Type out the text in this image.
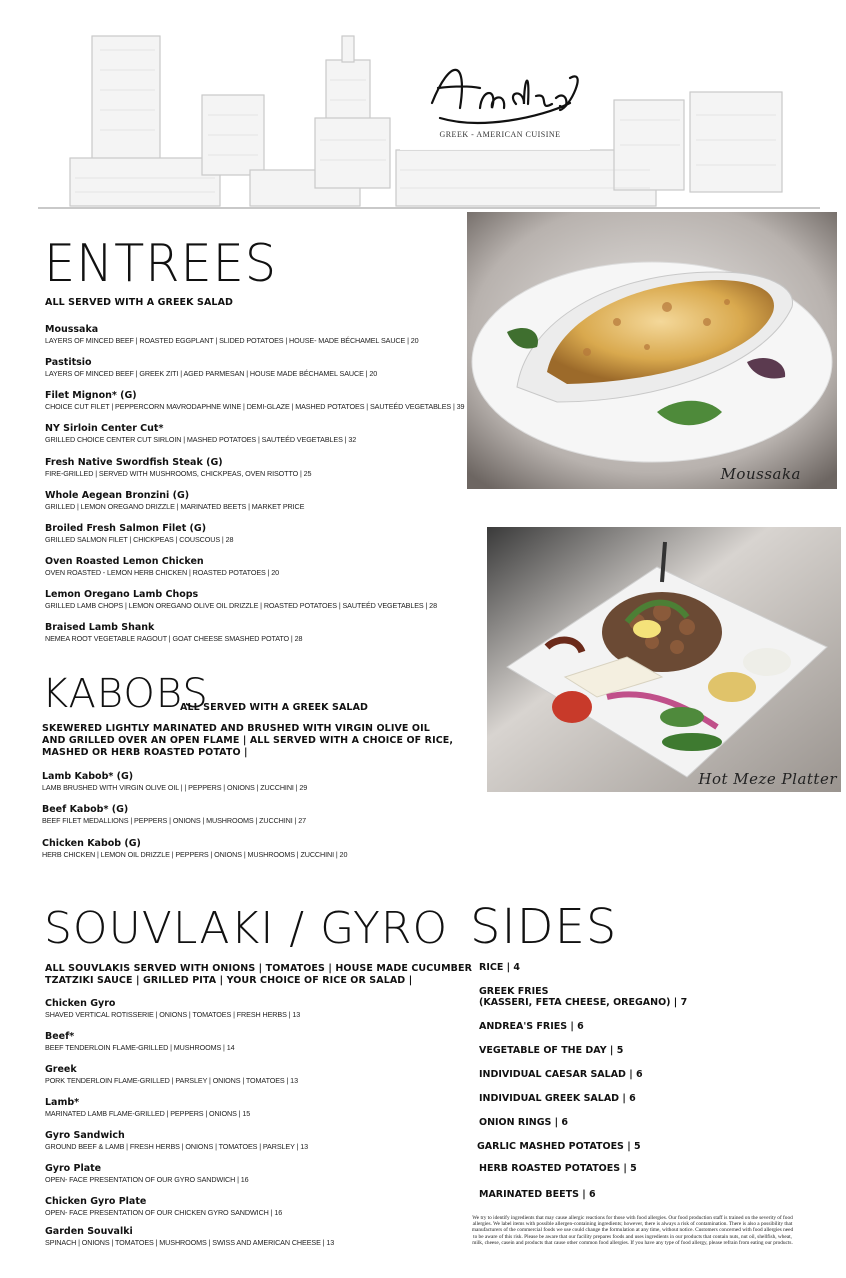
GREEK - AMERICAN CUISINE
ENTREES
ALL SERVED WITH A GREEK SALAD
Moussaka
LAYERS OF MINCED BEEF | ROASTED EGGPLANT | SLIDED POTATOES | HOUSE- MADE BÉCHAMEL SAUCE | 20
Pastitsio
LAYERS OF MINCED BEEF | GREEK ZITI | AGED PARMESAN | HOUSE MADE BÉCHAMEL SAUCE | 20
Filet Mignon* (G)
CHOICE CUT FILET | PEPPERCORN MAVRODAPHNE WINE | DEMI-GLAZE | MASHED POTATOES | SAUTEÉD VEGETABLES | 39
NY Sirloin Center Cut*
GRILLED CHOICE CENTER CUT SIRLOIN | MASHED POTATOES | SAUTEÉD VEGETABLES | 32
Fresh Native Swordfish Steak (G)
FIRE-GRILLED | SERVED WITH MUSHROOMS, CHICKPEAS, OVEN RISOTTO | 25
Whole Aegean Bronzini (G)
GRILLED | LEMON OREGANO DRIZZLE | MARINATED BEETS | MARKET PRICE
Broiled Fresh Salmon Filet (G)
GRILLED SALMON FILET | CHICKPEAS | COUSCOUS | 28
Oven Roasted Lemon Chicken
OVEN ROASTED - LEMON HERB CHICKEN | ROASTED POTATOES | 20
Lemon Oregano Lamb Chops
GRILLED LAMB CHOPS | LEMON OREGANO OLIVE OIL DRIZZLE | ROASTED POTATOES | SAUTEÉD VEGETABLES | 28
Braised Lamb Shank
NEMEA ROOT VEGETABLE RAGOUT | GOAT CHEESE SMASHED POTATO | 28
KABOBS
ALL SERVED WITH A GREEK SALAD
SKEWERED LIGHTLY MARINATED AND BRUSHED WITH VIRGIN OLIVE OIL
AND GRILLED OVER AN OPEN FLAME | ALL SERVED WITH A CHOICE OF RICE,
MASHED OR HERB ROASTED POTATO |
Lamb Kabob* (G)
LAMB BRUSHED WITH VIRGIN OLIVE OIL | | PEPPERS | ONIONS | ZUCCHINI | 29
Beef Kabob* (G)
BEEF FILET MEDALLIONS | PEPPERS | ONIONS | MUSHROOMS | ZUCCHINI | 27
Chicken Kabob (G)
HERB CHICKEN | LEMON OIL DRIZZLE | PEPPERS | ONIONS | MUSHROOMS | ZUCCHINI | 20
SOUVLAKI / GYRO
ALL SOUVLAKIS SERVED WITH ONIONS | TOMATOES | HOUSE MADE CUCUMBER
TZATZIKI SAUCE | GRILLED PITA | YOUR CHOICE OF RICE OR SALAD |
Chicken Gyro
SHAVED VERTICAL ROTISSERIE | ONIONS | TOMATOES | FRESH HERBS | 13
Beef*
BEEF TENDERLOIN FLAME-GRILLED | MUSHROOMS | 14
Greek
PORK TENDERLOIN FLAME-GRILLED | PARSLEY | ONIONS | TOMATOES | 13
Lamb*
MARINATED LAMB FLAME-GRILLED | PEPPERS | ONIONS | 15
Gyro Sandwich
GROUND BEEF & LAMB | FRESH HERBS | ONIONS | TOMATOES | PARSLEY | 13
Gyro Plate
OPEN- FACE PRESENTATION OF OUR GYRO SANDWICH | 16
Chicken Gyro Plate
OPEN- FACE PRESENTATION OF OUR CHICKEN GYRO SANDWICH | 16
Garden Souvalki
SPINACH | ONIONS | TOMATOES | MUSHROOMS | SWISS AND AMERICAN CHEESE | 13
SIDES
RICE | 4
GREEK FRIES
(KASSERI, FETA CHEESE, OREGANO) | 7
ANDREA'S FRIES | 6
VEGETABLE OF THE DAY | 5
INDIVIDUAL CAESAR SALAD | 6
INDIVIDUAL GREEK SALAD | 6
ONION RINGS | 6
GARLIC MASHED POTATOES | 5
HERB ROASTED POTATOES | 5
MARINATED BEETS | 6
Moussaka
Hot Meze Platter
We try to identify ingredients that may cause allergic reactions for those with food allergies. Our food production staff is trained on the severity of food allergies. We label items with possible allergen-containing ingredients; however, there is always a risk of contamination. There is also a possibility that manufacturers of the commercial foods we use could change the formulation at any time, without notice. Customers concerned with food allergies need to be aware of this risk. Please be aware that our facility prepares foods and uses ingredients in our products that contain nuts, nut oil, shellfish, wheat, milk, cheese, casein and products that cause other common food allergies. If you have any type of food allergy, please refrain from eating our products.
